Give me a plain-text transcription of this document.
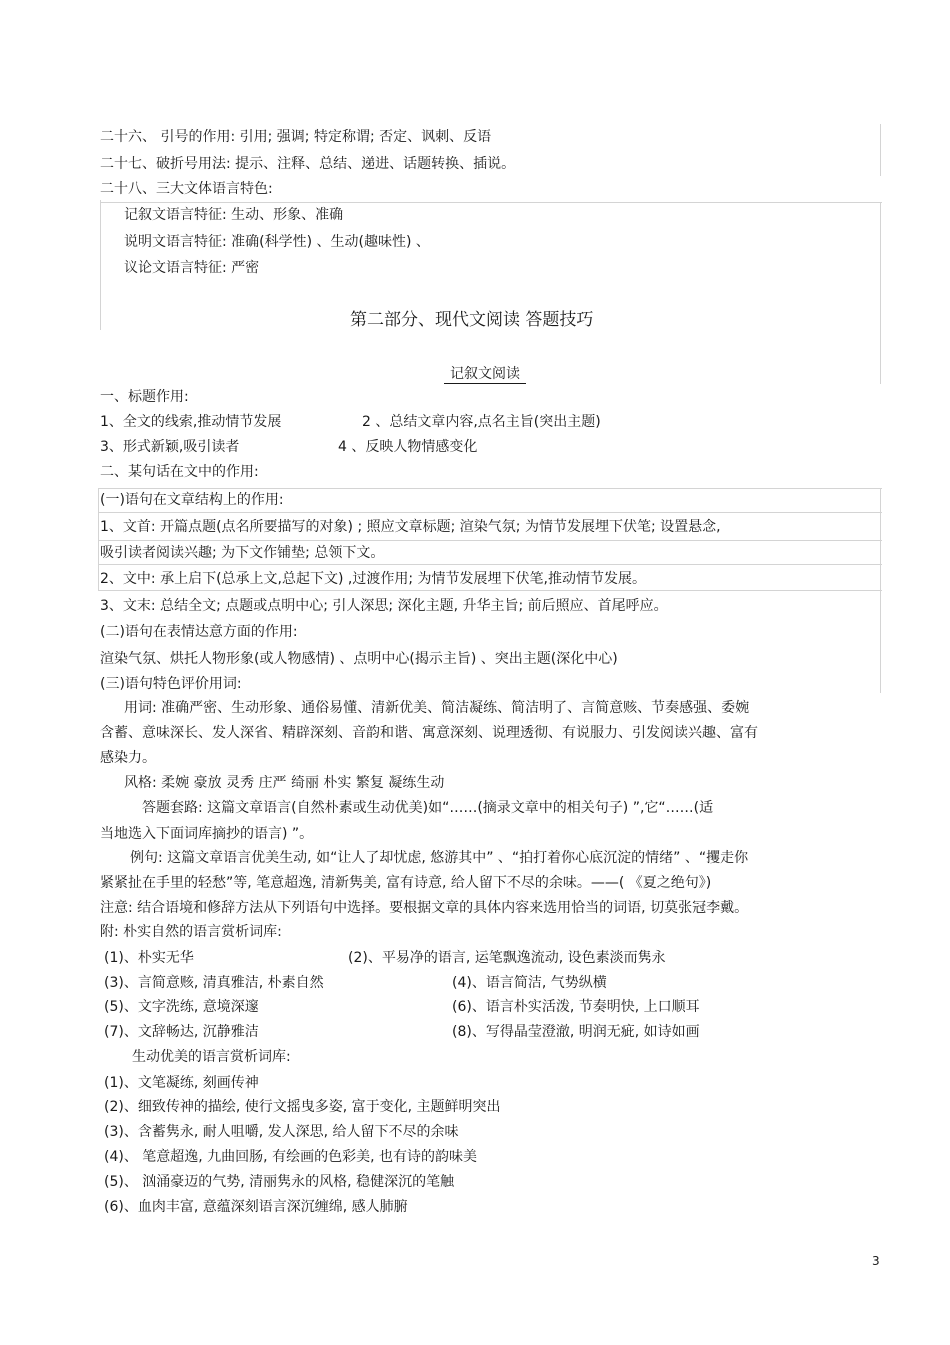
二十六、 引号的作用: 引用; 强调; 特定称谓; 否定、讽刺、反语
二十七、破折号用法: 提示、注释、总结、递进、话题转换、插说。
二十八、三大文体语言特色:
记叙文语言特征: 生动、形象、准确
说明文语言特征: 准确(科学性) 、生动(趣味性) 、
议论文语言特征: 严密
第二部分、现代文阅读 答题技巧
记叙文阅读
一、标题作用:
1、全文的线索,推动情节发展	2 、总结文章内容,点名主旨(突出主题)
3、形式新颖,吸引读者	4 、反映人物情感变化
二、某句话在文中的作用:
(一)语句在文章结构上的作用:
1、文首: 开篇点题(点名所要描写的对象) ; 照应文章标题; 渲染气氛; 为情节发展埋下伏笔; 设置悬念,
吸引读者阅读兴趣; 为下文作铺垫; 总领下文。
2、文中: 承上启下(总承上文,总起下文) ,过渡作用; 为情节发展埋下伏笔,推动情节发展。
3、文末: 总结全文; 点题或点明中心; 引人深思; 深化主题, 升华主旨; 前后照应、首尾呼应。
(二)语句在表情达意方面的作用:
渲染气氛、烘托人物形象(或人物感情) 、点明中心(揭示主旨) 、突出主题(深化中心)
(三)语句特色评价用词:
用词: 准确严密、生动形象、通俗易懂、清新优美、简洁凝练、简洁明了、言简意赅、节奏感强、委婉
含蓄、意味深长、发人深省、精辟深刻、音韵和谐、寓意深刻、说理透彻、有说服力、引发阅读兴趣、富有
感染力。
风格: 柔婉 豪放 灵秀 庄严 绮丽 朴实 繁复 凝练生动
答题套路: 这篇文章语言(自然朴素或生动优美)如“……(摘录文章中的相关句子) ”,它“……(适
当地选入下面词库摘抄的语言) ”。
例句: 这篇文章语言优美生动, 如“让人了却忧虑, 悠游其中” 、“拍打着你心底沉淀的情绪” 、“攫走你
紧紧扯在手里的轻愁”等, 笔意超逸, 清新隽美, 富有诗意, 给人留下不尽的余味。——( 《夏之绝句》)
注意: 结合语境和修辞方法从下列语句中选择。要根据文章的具体内容来选用恰当的词语, 切莫张冠李戴。
附: 朴实自然的语言赏析词库:
(1)、朴实无华	(2)、平易净的语言, 运笔飘逸流动, 设色素淡而隽永
(3)、言简意赅, 清真雅洁, 朴素自然	(4)、语言简洁, 气势纵横
(5)、文字洗练, 意境深邃	(6)、语言朴实活泼, 节奏明快, 上口顺耳
(7)、文辞畅达, 沉静雅洁	(8)、写得晶莹澄澈, 明润无疵, 如诗如画
生动优美的语言赏析词库:
(1)、文笔凝练, 刻画传神
(2)、细致传神的描绘, 使行文摇曳多姿, 富于变化, 主题鲜明突出
(3)、含蓄隽永, 耐人咀嚼, 发人深思, 给人留下不尽的余味
(4)、 笔意超逸, 九曲回肠, 有绘画的色彩美, 也有诗的韵味美
(5)、 汹涌豪迈的气势, 清丽隽永的风格, 稳健深沉的笔触
(6)、血肉丰富, 意蕴深刻语言深沉缠绵, 感人肺腑
3
